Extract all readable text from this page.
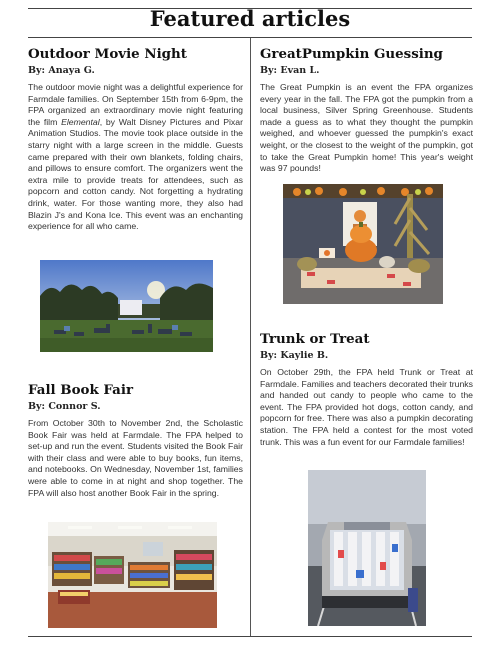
Featured articles
Outdoor Movie Night
By: Anaya G.
The outdoor movie night was a delightful experience for Farmdale families. On September 15th from 6-9pm, the FPA organized an extraordinary movie night featuring the film Elemental, by Walt Disney Pictures and Pixar Animation Studios. The movie took place outside in the starry night with a large screen in the middle. Guests came prepared with their own blankets, folding chairs, and pillows to ensure comfort. The organizers went the extra mile to provide treats for attendees, such as popcorn and cotton candy. Not forgetting a hydrating drink, water. For those wanting more, they also had Blazin J's and Kona Ice. This event was an enchanting experience for all who came.
Fall Book Fair
By: Connor S.
From October 30th to November 2nd, the Scholastic Book Fair was held at Farmdale. The FPA helped to set-up and run the event. Students visited the Book Fair with their class and were able to buy books, fun items, and notebooks. On Wednesday, November 1st, families were able to come in at night and shop together. The FPA will also host another Book Fair in the spring.
GreatPumpkin Guessing
By: Evan L.
The Great Pumpkin is an event the FPA organizes every year in the fall. The FPA got the pumpkin from a local business, Silver Spring Greenhouse. Students made a guess as to what they thought the pumpkin weighed, and whoever guessed the pumpkin's exact weight, or the closest to the weight of the pumpkin, got to take the Great Pumpkin home! This year's weight was 97 pounds!
Trunk or Treat
By: Kaylie B.
On October 29th, the FPA held Trunk or Treat at Farmdale. Families and teachers decorated their trunks and handed out candy to people who came to the event. The FPA provided hot dogs, cotton candy, and popcorn for free. There was also a pumpkin decorating station. The FPA held a contest for the most voted trunk. This was a fun event for our Farmdale families!
